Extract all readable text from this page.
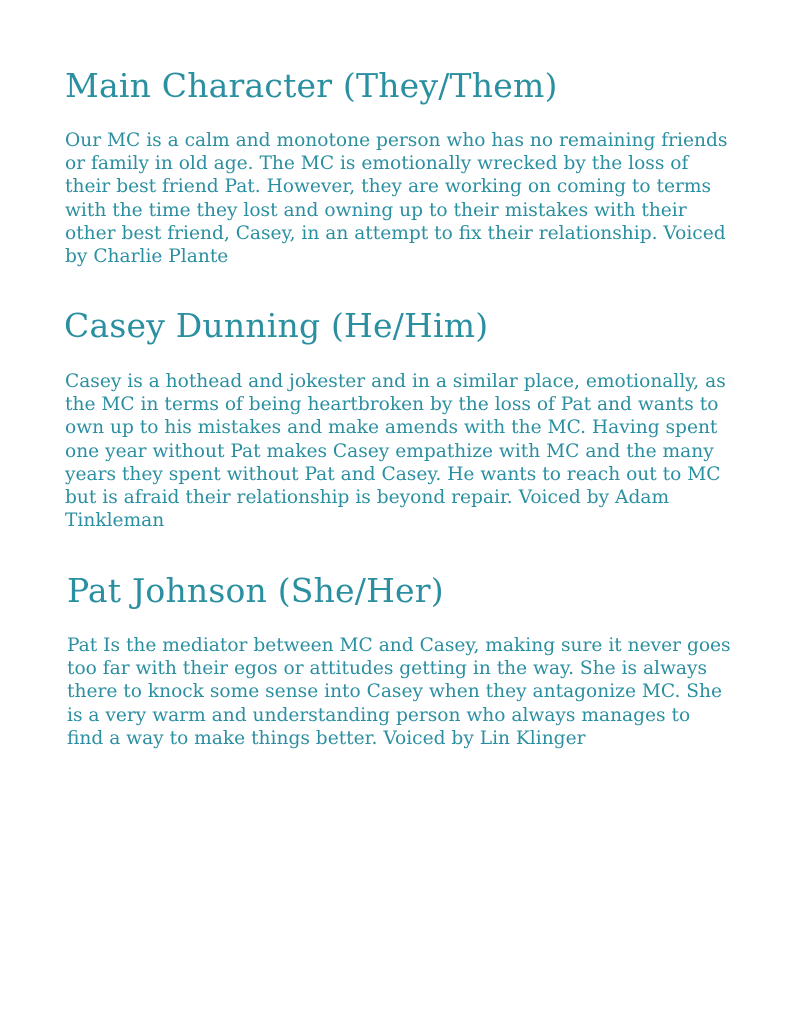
Main Character (They/Them)

Our MC is a calm and monotone person who has no remaining friends or family in old age. The MC is emotionally wrecked by the loss of their best friend Pat. However, they are working on coming to terms with the time they lost and owning up to their mistakes with their other best friend, Casey, in an attempt to fix their relationship. Voiced by Charlie Plante

Casey Dunning (He/Him)

Casey is a hothead and jokester and in a similar place, emotionally, as the MC in terms of being heartbroken by the loss of Pat and wants to own up to his mistakes and make amends with the MC. Having spent one year without Pat makes Casey empathize with MC and the many years they spent without Pat and Casey. He wants to reach out to MC but is afraid their relationship is beyond repair. Voiced by Adam Tinkleman

Pat Johnson (She/Her)

Pat Is the mediator between MC and Casey, making sure it never goes too far with their egos or attitudes getting in the way. She is always there to knock some sense into Casey when they antagonize MC. She is a very warm and understanding person who always manages to find a way to make things better. Voiced by Lin Klinger
